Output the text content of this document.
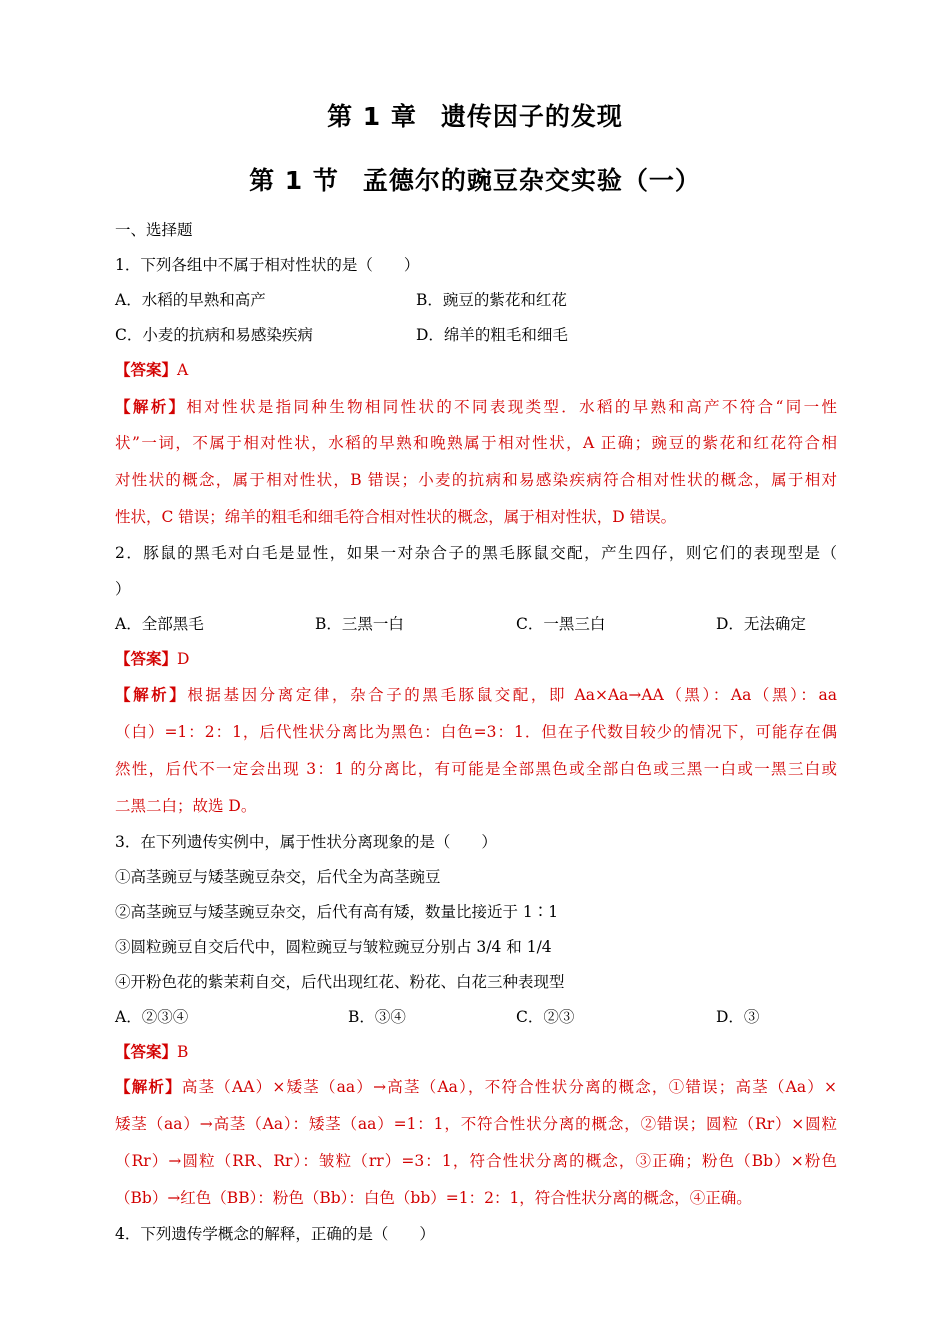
第 1 章 遗传因子的发现
第 1 节 孟德尔的豌豆杂交实验（一）
一、选择题
1．下列各组中不属于相对性状的是（　　）
A．水稻的早熟和高产	B．豌豆的紫花和红花
C．小麦的抗病和易感染疾病	D．绵羊的粗毛和细毛
【答案】A
【解析】相对性状是指同种生物相同性状的不同表现类型．水稻的早熟和高产不符合“同一性
状”一词，不属于相对性状，水稻的早熟和晚熟属于相对性状，A 正确；豌豆的紫花和红花符合相
对性状的概念，属于相对性状，B 错误；小麦的抗病和易感染疾病符合相对性状的概念，属于相对
性状，C 错误；绵羊的粗毛和细毛符合相对性状的概念，属于相对性状，D 错误。
2．豚鼠的黑毛对白毛是显性，如果一对杂合子的黑毛豚鼠交配，产生四仔，则它们的表现型是（
）
A．全部黑毛	B．三黑一白	C．一黑三白	D．无法确定
【答案】D
【解析】根据基因分离定律，杂合子的黑毛豚鼠交配，即 Aa×Aa→AA（黑）：Aa（黑）：aa
（白）=1：2：1，后代性状分离比为黑色：白色=3：1．但在子代数目较少的情况下，可能存在偶
然性，后代不一定会出现 3：1 的分离比，有可能是全部黑色或全部白色或三黑一白或一黑三白或
二黑二白；故选 D。
3．在下列遗传实例中，属于性状分离现象的是（　　）
①高茎豌豆与矮茎豌豆杂交，后代全为高茎豌豆
②高茎豌豆与矮茎豌豆杂交，后代有高有矮，数量比接近于 1∶1
③圆粒豌豆自交后代中，圆粒豌豆与皱粒豌豆分别占 3/4 和 1/4
④开粉色花的紫茉莉自交，后代出现红花、粉花、白花三种表现型
A．②③④	B．③④	C．②③	D．③
【答案】B
【解析】高茎（AA）×矮茎（aa）→高茎（Aa），不符合性状分离的概念，①错误；高茎（Aa）×
矮茎（aa）→高茎（Aa）：矮茎（aa）=1：1，不符合性状分离的概念，②错误；圆粒（Rr）×圆粒
（Rr）→圆粒（RR、Rr）：皱粒（rr）=3：1，符合性状分离的概念，③正确；粉色（Bb）×粉色
（Bb）→红色（BB）：粉色（Bb）：白色（bb）=1：2：1，符合性状分离的概念，④正确。
4．下列遗传学概念的解释，正确的是（　　）
